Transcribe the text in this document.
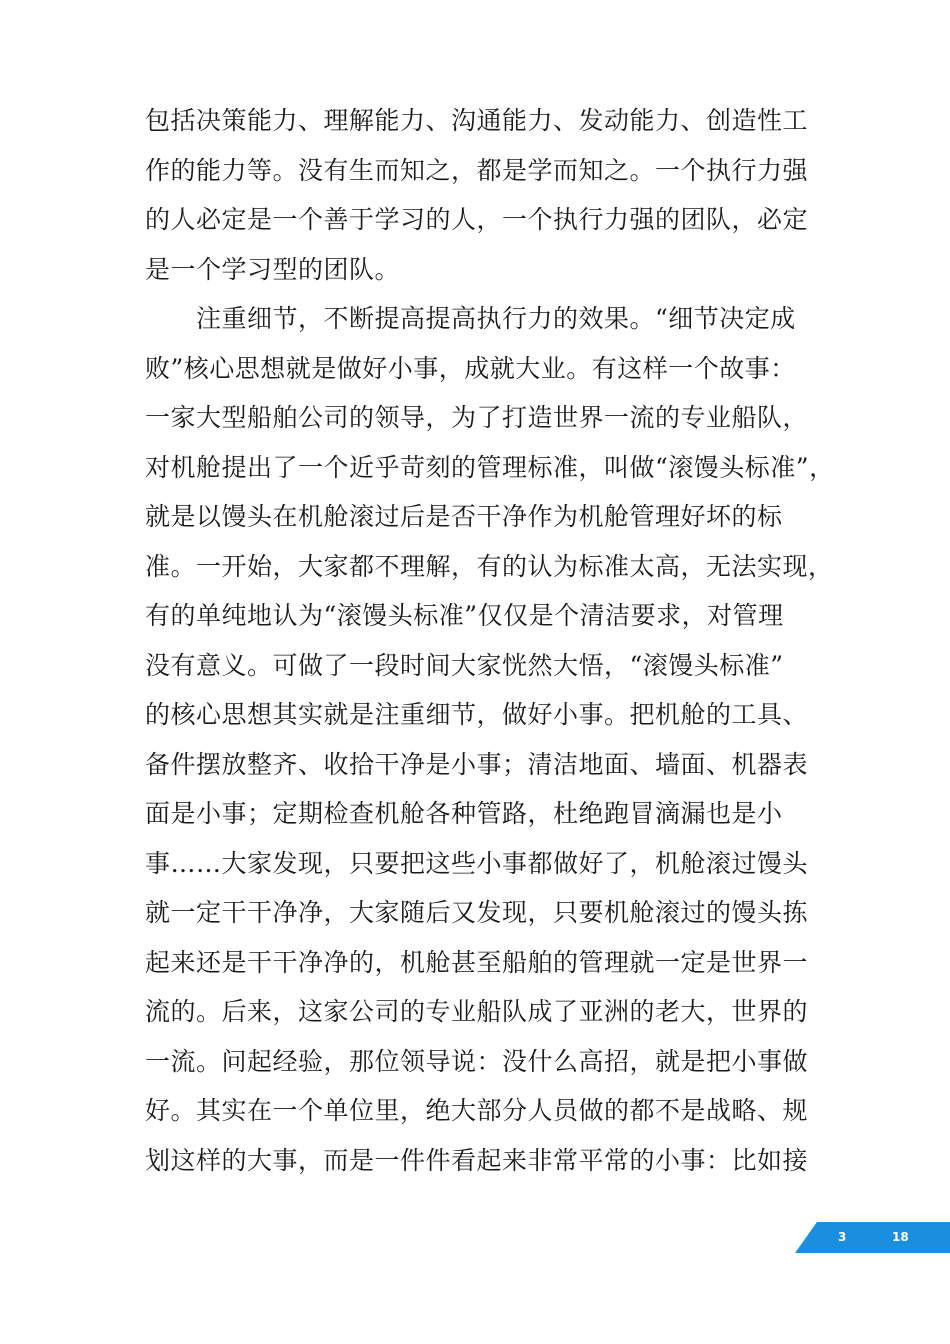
包括决策能力、理解能力、沟通能力、发动能力、创造性工
作的能力等。没有生而知之，都是学而知之。一个执行力强
的人必定是一个善于学习的人，一个执行力强的团队，必定
是一个学习型的团队。
　　注重细节，不断提高提高执行力的效果。“细节决定成
败”核心思想就是做好小事，成就大业。有这样一个故事：
一家大型船舶公司的领导，为了打造世界一流的专业船队，
对机舱提出了一个近乎苛刻的管理标准，叫做“滚馒头标准”，
就是以馒头在机舱滚过后是否干净作为机舱管理好坏的标
准。一开始，大家都不理解，有的认为标准太高，无法实现，
有的单纯地认为“滚馒头标准”仅仅是个清洁要求，对管理
没有意义。可做了一段时间大家恍然大悟，“滚馒头标准”
的核心思想其实就是注重细节，做好小事。把机舱的工具、
备件摆放整齐、收拾干净是小事；清洁地面、墙面、机器表
面是小事；定期检查机舱各种管路，杜绝跑冒滴漏也是小
事……大家发现，只要把这些小事都做好了，机舱滚过馒头
就一定干干净净，大家随后又发现，只要机舱滚过的馒头拣
起来还是干干净净的，机舱甚至船舶的管理就一定是世界一
流的。后来，这家公司的专业船队成了亚洲的老大，世界的
一流。问起经验，那位领导说：没什么高招，就是把小事做
好。其实在一个单位里，绝大部分人员做的都不是战略、规
划这样的大事，而是一件件看起来非常平常的小事：比如接
3	18
